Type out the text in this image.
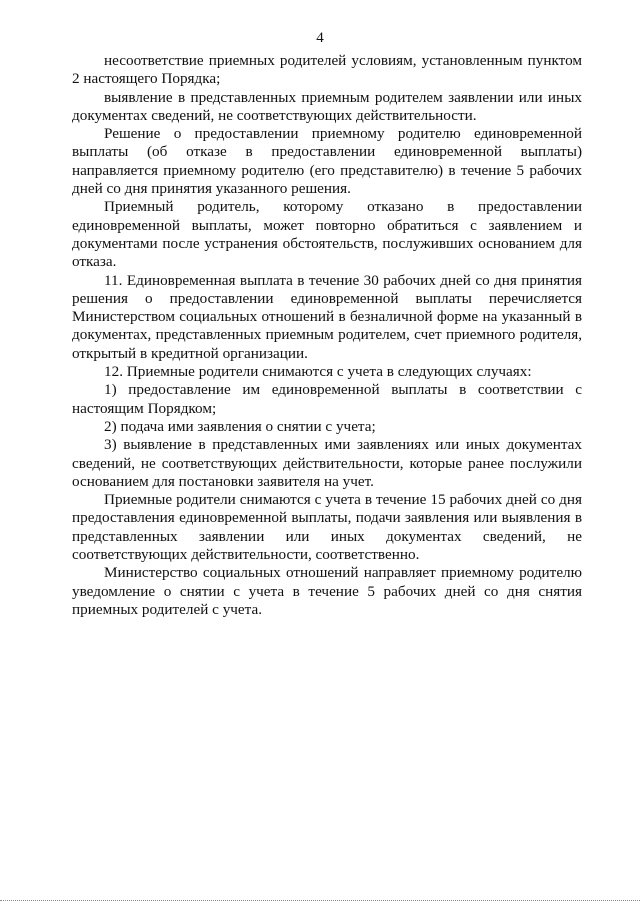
4

несоответствие приемных родителей условиям, установленным пунктом 2 настоящего Порядка;

выявление в представленных приемным родителем заявлении или иных документах сведений, не соответствующих действительности.

Решение о предоставлении приемному родителю единовременной выплаты (об отказе в предоставлении единовременной выплаты) направляется приемному родителю (его представителю) в течение 5 рабочих дней со дня принятия указанного решения.

Приемный родитель, которому отказано в предоставлении единовременной выплаты, может повторно обратиться с заявлением и документами после устранения обстоятельств, послуживших основанием для отказа.

11. Единовременная выплата в течение 30 рабочих дней со дня принятия решения о предоставлении единовременной выплаты перечисляется Министерством социальных отношений в безналичной форме на указанный в документах, представленных приемным родителем, счет приемного родителя, открытый в кредитной организации.

12. Приемные родители снимаются с учета в следующих случаях:

1) предоставление им единовременной выплаты в соответствии с настоящим Порядком;

2) подача ими заявления о снятии с учета;

3) выявление в представленных ими заявлениях или иных документах сведений, не соответствующих действительности, которые ранее послужили основанием для постановки заявителя на учет.

Приемные родители снимаются с учета в течение 15 рабочих дней со дня предоставления единовременной выплаты, подачи заявления или выявления в представленных заявлении или иных документах сведений, не соответствующих действительности, соответственно.

Министерство социальных отношений направляет приемному родителю уведомление о снятии с учета в течение 5 рабочих дней со дня снятия приемных родителей с учета.
